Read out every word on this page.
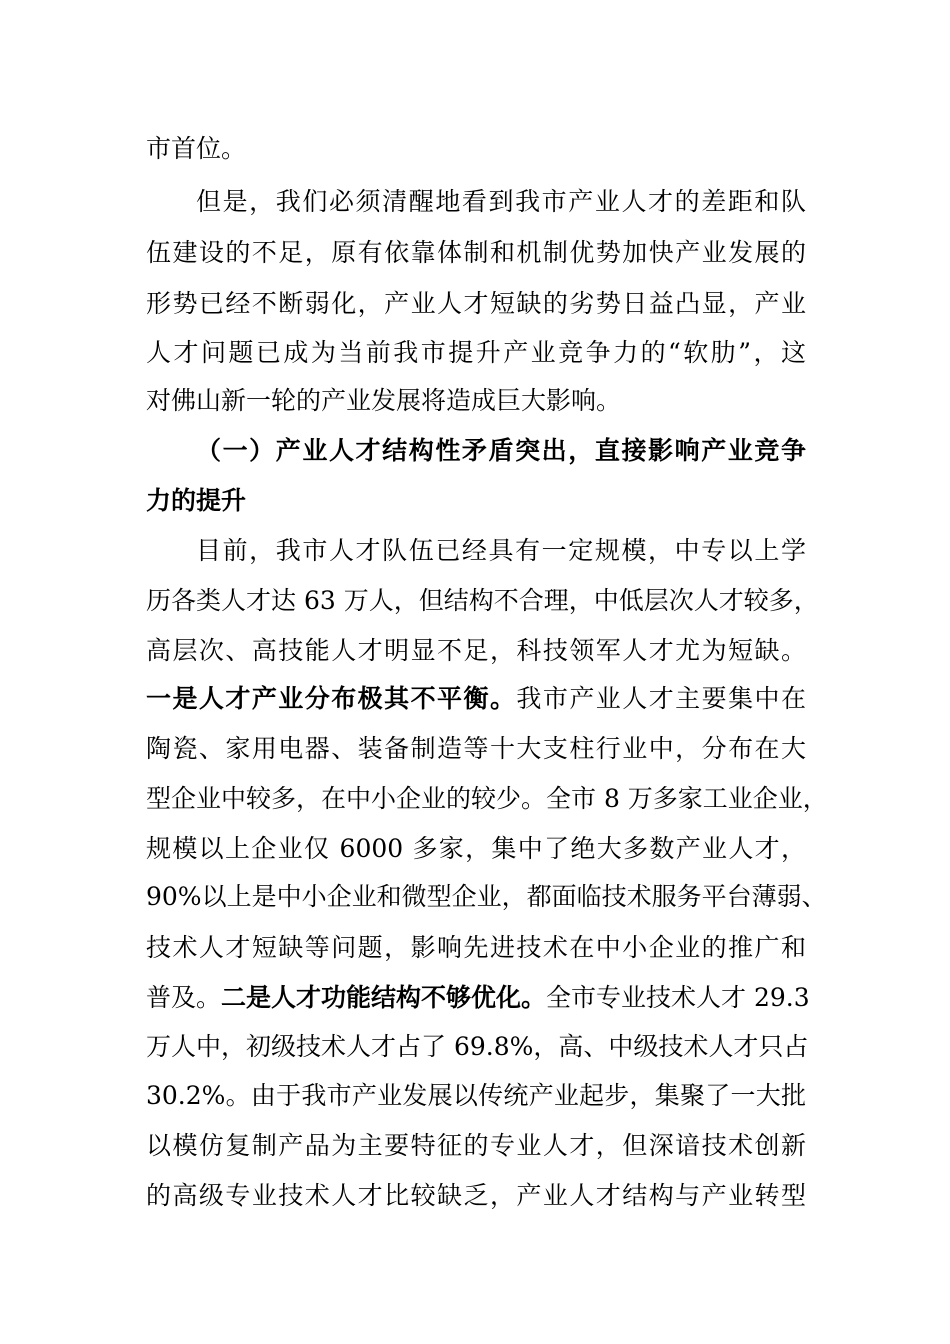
市首位。
但是，我们必须清醒地看到我市产业人才的差距和队
伍建设的不足，原有依靠体制和机制优势加快产业发展的
形势已经不断弱化，产业人才短缺的劣势日益凸显，产业
人才问题已成为当前我市提升产业竞争力的“软肋”，这
对佛山新一轮的产业发展将造成巨大影响。
（一）产业人才结构性矛盾突出，直接影响产业竞争
力的提升
目前，我市人才队伍已经具有一定规模，中专以上学
历各类人才达 63 万人，但结构不合理，中低层次人才较多，
高层次、高技能人才明显不足，科技领军人才尤为短缺。
一是人才产业分布极其不平衡。我市产业人才主要集中在
陶瓷、家用电器、装备制造等十大支柱行业中，分布在大
型企业中较多，在中小企业的较少。全市 8 万多家工业企业，
规模以上企业仅 6000 多家，集中了绝大多数产业人才，
90%以上是中小企业和微型企业，都面临技术服务平台薄弱、
技术人才短缺等问题，影响先进技术在中小企业的推广和
普及。二是人才功能结构不够优化。全市专业技术人才 29.3
万人中，初级技术人才占了 69.8%，高、中级技术人才只占
30.2%。由于我市产业发展以传统产业起步，集聚了一大批
以模仿复制产品为主要特征的专业人才，但深谙技术创新
的高级专业技术人才比较缺乏，产业人才结构与产业转型
